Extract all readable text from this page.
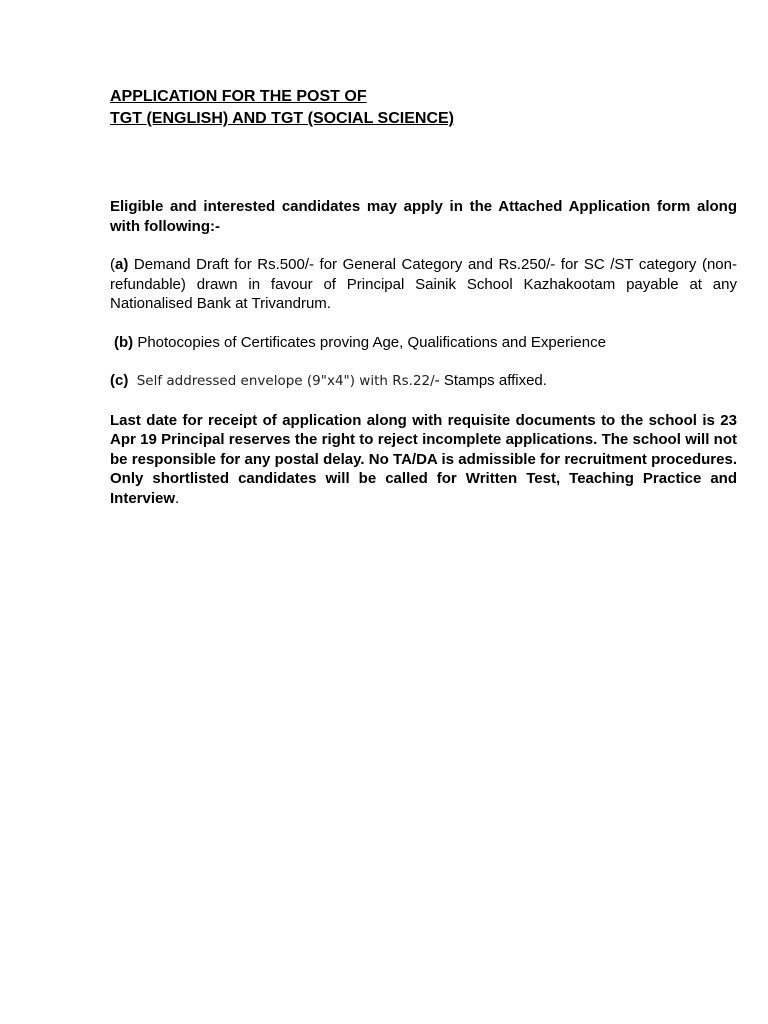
APPLICATION FOR THE POST OF

TGT (ENGLISH) AND TGT (SOCIAL SCIENCE)

Eligible and interested candidates may apply in the Attached Application form along with following:-

(a) Demand Draft for Rs.500/- for General Category and Rs.250/- for SC /ST category (non-refundable) drawn in favour of Principal Sainik School Kazhakootam payable at any Nationalised Bank at Trivandrum.

(b) Photocopies of Certificates proving Age, Qualifications and Experience

(c) Self addressed envelope (9"x4") with Rs.22/- Stamps affixed.

Last date for receipt of application along with requisite documents to the school is 23 Apr 19 Principal reserves the right to reject incomplete applications. The school will not be responsible for any postal delay. No TA/DA is admissible for recruitment procedures. Only shortlisted candidates will be called for Written Test, Teaching Practice and Interview.
